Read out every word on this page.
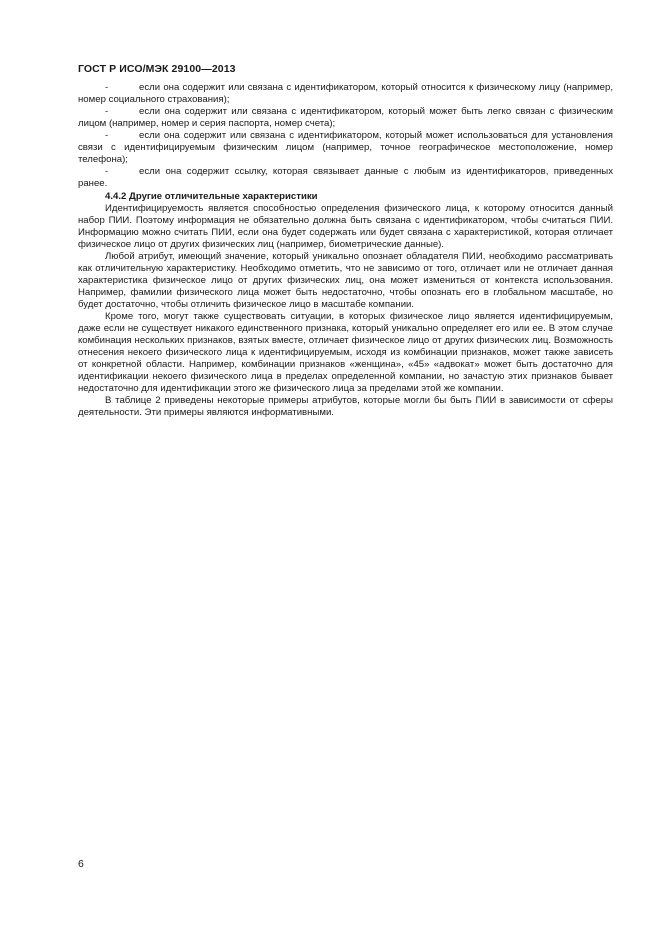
ГОСТ Р ИСО/МЭК 29100—2013

-	если она содержит или связана с идентификатором, который относится к физическому лицу (например, номер социального страхования);

-	если она содержит или связана с идентификатором, который может быть легко связан с физическим лицом (например, номер и серия паспорта, номер счета);

-	если она содержит или связана с идентификатором, который может использоваться для установления связи с идентифицируемым физическим лицом (например, точное географическое местоположение, номер телефона);

-	если она содержит ссылку, которая связывает данные с любым из идентификаторов, приведенных ранее.

4.4.2 Другие отличительные характеристики

Идентифицируемость является способностью определения физического лица, к которому относится данный набор ПИИ. Поэтому информация не обязательно должна быть связана с идентификатором, чтобы считаться ПИИ. Информацию можно считать ПИИ, если она будет содержать или будет связана с характеристикой, которая отличает физическое лицо от других физических лиц (например, биометрические данные).

Любой атрибут, имеющий значение, который уникально опознает обладателя ПИИ, необходимо рассматривать как отличительную характеристику. Необходимо отметить, что не зависимо от того, отличает или не отличает данная характеристика физическое лицо от других физических лиц, она может измениться от контекста использования. Например, фамилии физического лица может быть недостаточно, чтобы опознать его в глобальном масштабе, но будет достаточно, чтобы отличить физическое лицо в масштабе компании.

Кроме того, могут также существовать ситуации, в которых физическое лицо является идентифицируемым, даже если не существует никакого единственного признака, который уникально определяет его или ее. В этом случае комбинация нескольких признаков, взятых вместе, отличает физическое лицо от других физических лиц. Возможность отнесения некоего физического лица к идентифицируемым, исходя из комбинации признаков, может также зависеть от конкретной области. Например, комбинации признаков «женщина», «45» «адвокат» может быть достаточно для идентификации некоего физического лица в пределах определенной компании, но зачастую этих признаков бывает недостаточно для идентификации этого же физического лица за пределами этой же компании.

В таблице 2 приведены некоторые примеры атрибутов, которые могли бы быть ПИИ в зависимости от сферы деятельности. Эти примеры являются информативными.

6
